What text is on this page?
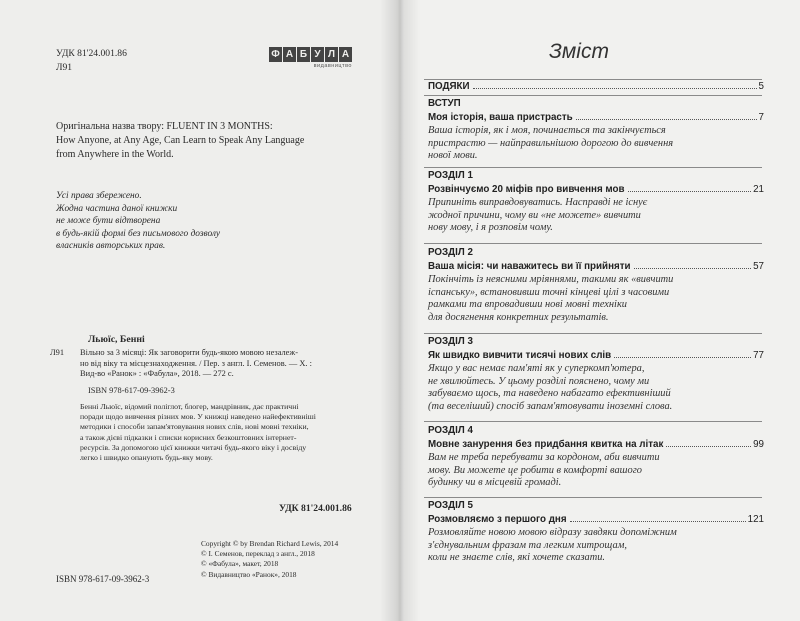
УДК 81'24.001.86
Л91
Ф А Б У Л А
видавництво
Оригінальна назва твору: FLUENT IN 3 MONTHS:
How Anyone, at Any Age, Can Learn to Speak Any Language
from Anywhere in the World.
Усі права збережено.
Жодна частина даної книжки
не може бути відтворена
в будь-якій формі без письмового дозволу
власників авторських прав.
Льюїс, Бенні
Л91 Вільно за 3 місяці: Як заговорити будь-якою мовою незалеж-
но від віку та місцезнаходження. / Пер. з англ. І. Семенов. — Х. :
Вид-во «Ранок» : «Фабула», 2018. — 272 с.
ISBN 978-617-09-3962-3
Бенні Льюїс, відомий поліглот, блогер, мандрівник, дає практичні
поради щодо вивчення різних мов. У книжці наведено найефективніші
методики і способи запам'ятовування нових слів, нові мовні техніки,
а також дієві підказки і списки корисних безкоштовних інтернет-
ресурсів. За допомогою цієї книжки читачі будь-якого віку і досвіду
легко і швидко опанують будь-яку мову.
УДК 81'24.001.86
Copyright © by Brendan Richard Lewis, 2014
© І. Семенов, переклад з англ., 2018
© «Фабула», макет, 2018
© Видавництво «Ранок», 2018
ISBN 978-617-09-3962-3
Зміст
ПОДЯКИ	5
ВСТУП
Моя історія, ваша пристрасть	7
Ваша історія, як і моя, починається та закінчується
пристрастю — найправильнішою дорогою до вивчення
нової мови.
РОЗДІЛ 1
Розвінчуємо 20 міфів про вивчення мов	21
Припиніть виправдовуватись. Насправді не існує
жодної причини, чому ви «не можете» вивчити
нову мову, і я розповім чому.
РОЗДІЛ 2
Ваша місія: чи наважитесь ви її прийняти	57
Покінчіть із неясними мріяннями, такими як «вивчити
іспанську», встановивши точні кінцеві цілі з часовими
рамками та впровадивши нові мовні техніки
для досягнення конкретних результатів.
РОЗДІЛ 3
Як швидко вивчити тисячі нових слів	77
Якщо у вас немає пам'яті як у суперкомп'ютера,
не хвилюйтесь. У цьому розділі пояснено, чому ми
забуваємо щось, та наведено набагато ефективніший
(та веселіший) спосіб запам'ятовувати іноземні слова.
РОЗДІЛ 4
Мовне занурення без придбання квитка на літак	99
Вам не треба перебувати за кордоном, аби вивчити
мову. Ви можете це робити в комфорті вашого
будинку чи в місцевій громаді.
РОЗДІЛ 5
Розмовляємо з першого дня	121
Розмовляйте новою мовою відразу завдяки допоміжним
з'єднувальним фразам та легким хитрощам,
коли не знаєте слів, які хочете сказати.
